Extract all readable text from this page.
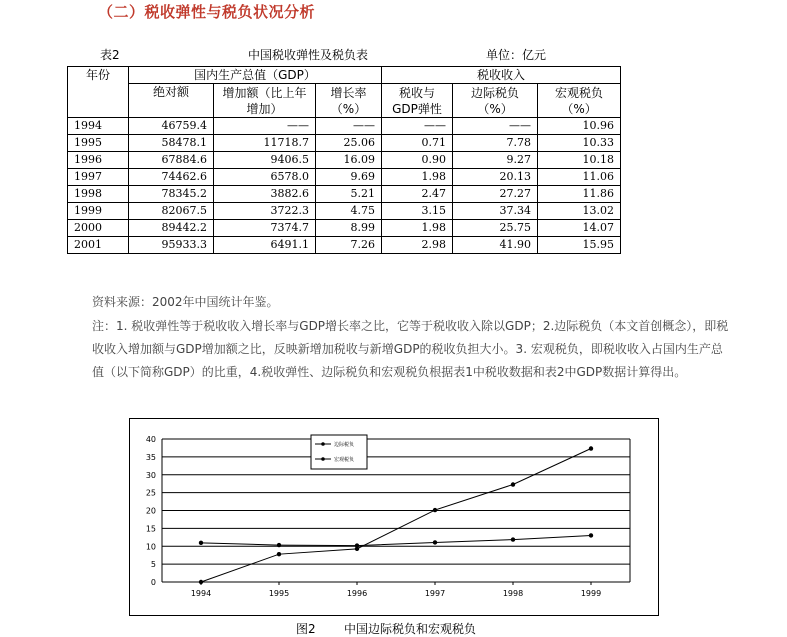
（二）税收弹性与税负状况分析
表2	中国税收弹性及税负表	单位：亿元
年份	国内生产总值（GDP）			税收收入		
	绝对额	增加额（比上年增加）	增长率（%）	税收与GDP弹性	边际税负（%）	宏观税负（%）
1994	46759.4	——	——	——	——	10.96
1995	58478.1	11718.7	25.06	0.71	7.78	10.33
1996	67884.6	9406.5	16.09	0.90	9.27	10.18
1997	74462.6	6578.0	9.69	1.98	20.13	11.06
1998	78345.2	3882.6	5.21	2.47	27.27	11.86
1999	82067.5	3722.3	4.75	3.15	37.34	13.02
2000	89442.2	7374.7	8.99	1.98	25.75	14.07
2001	95933.3	6491.1	7.26	2.98	41.90	15.95
资料来源：2002年中国统计年鉴。
注：1. 税收弹性等于税收收入增长率与GDP增长率之比，它等于税收收入除以GDP；2.边际税负（本文首创概念），即税收收入增加额与GDP增加额之比，反映新增加税收与新增GDP的税收负担大小。3. 宏观税负，即税收收入占国内生产总值（以下简称GDP）的比重，4.税收弹性、边际税负和宏观税负根据表1中税收数据和表2中GDP数据计算得出。
0
5
10
15
20
25
30
35
40
1994	1995	1996	1997	1998	1999
边际税负
宏观税负
图2 中国边际税负和宏观税负
